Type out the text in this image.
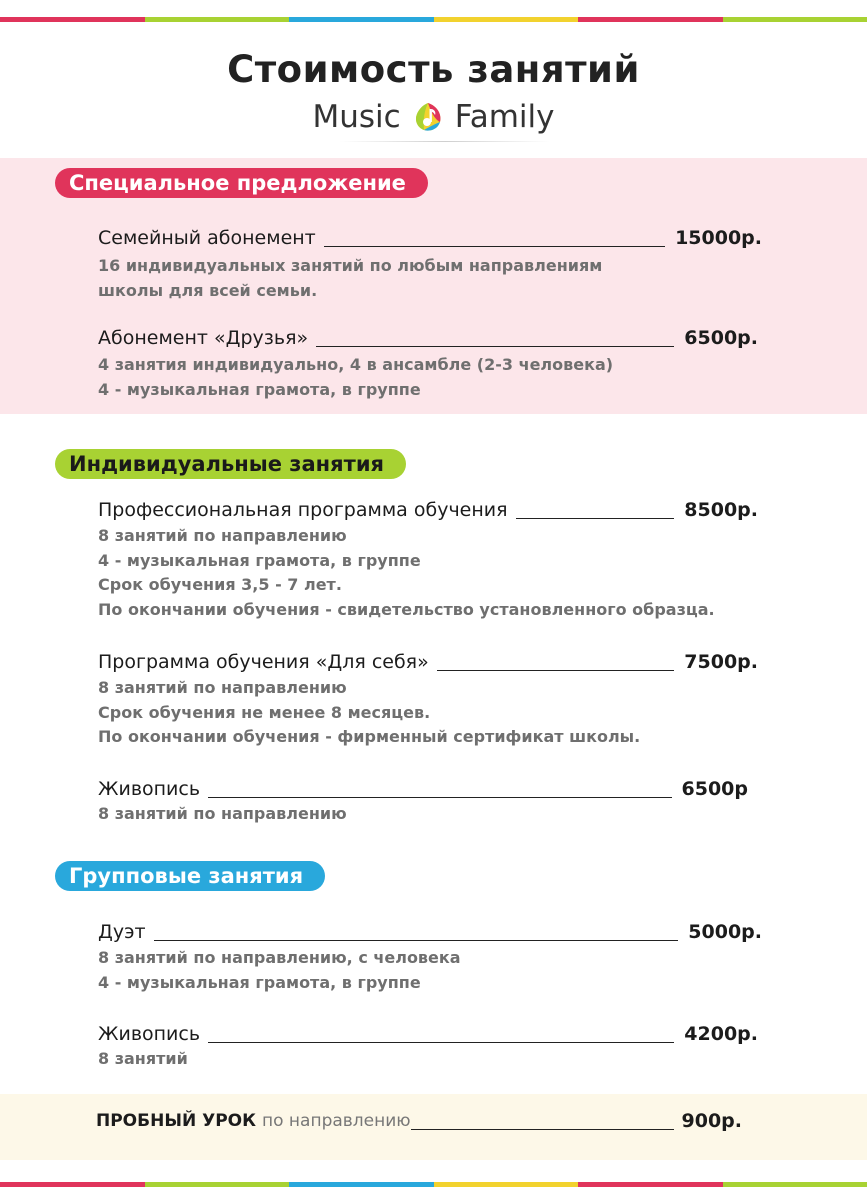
Стоимость занятий
Music Family
Специальное предложение
Семейный абонемент	15000р.
16 индивидуальных занятий по любым направлениям
школы для всей семьи.
Абонемент «Друзья»	6500р.
4 занятия индивидуально, 4 в ансамбле (2-3 человека)
4 - музыкальная грамота, в группе
Индивидуальные занятия
Профессиональная программа обучения	8500р.
8 занятий по направлению
4 - музыкальная грамота, в группе
Срок обучения 3,5 - 7 лет.
По окончании обучения - свидетельство установленного образца.
Программа обучения «Для себя»	7500р.
8 занятий по направлению
Срок обучения не менее 8 месяцев.
По окончании обучения - фирменный сертификат школы.
Живопись	6500р
8 занятий по направлению
Групповые занятия
Дуэт	5000р.
8 занятий по направлению, с человека
4 - музыкальная грамота, в группе
Живопись	4200р.
8 занятий
ПРОБНЫЙ УРОК по направлению	900р.
